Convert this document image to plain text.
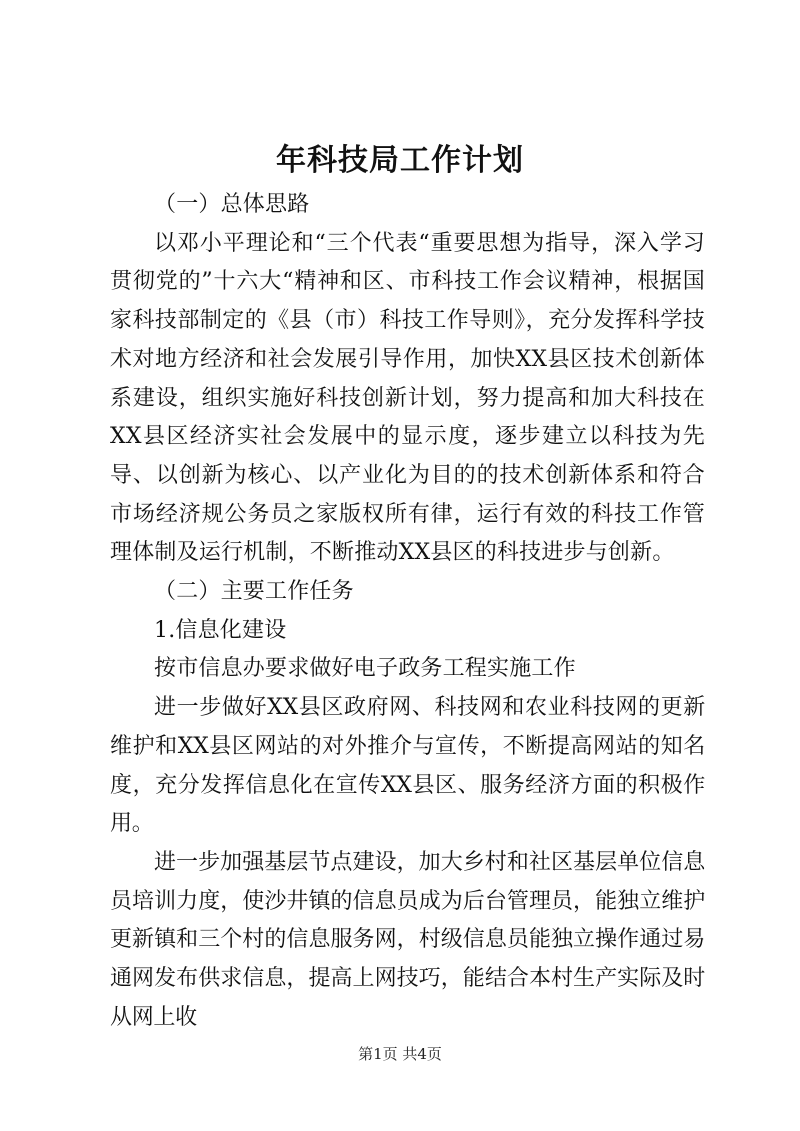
年科技局工作计划

（一）总体思路

以邓小平理论和“三个代表“重要思想为指导，深入学习贯彻党的”十六大“精神和区、市科技工作会议精神，根据国家科技部制定的《县（市）科技工作导则》，充分发挥科学技术对地方经济和社会发展引导作用，加快XX县区技术创新体系建设，组织实施好科技创新计划，努力提高和加大科技在XX县区经济实社会发展中的显示度，逐步建立以科技为先导、以创新为核心、以产业化为目的的技术创新体系和符合市场经济规公务员之家版权所有律，运行有效的科技工作管理体制及运行机制，不断推动XX县区的科技进步与创新。

（二）主要工作任务

1.信息化建设

按市信息办要求做好电子政务工程实施工作

进一步做好XX县区政府网、科技网和农业科技网的更新维护和XX县区网站的对外推介与宣传，不断提高网站的知名度，充分发挥信息化在宣传XX县区、服务经济方面的积极作用。

进一步加强基层节点建设，加大乡村和社区基层单位信息员培训力度，使沙井镇的信息员成为后台管理员，能独立维护更新镇和三个村的信息服务网，村级信息员能独立操作通过易通网发布供求信息，提高上网技巧，能结合本村生产实际及时从网上收

第1页 共4页
